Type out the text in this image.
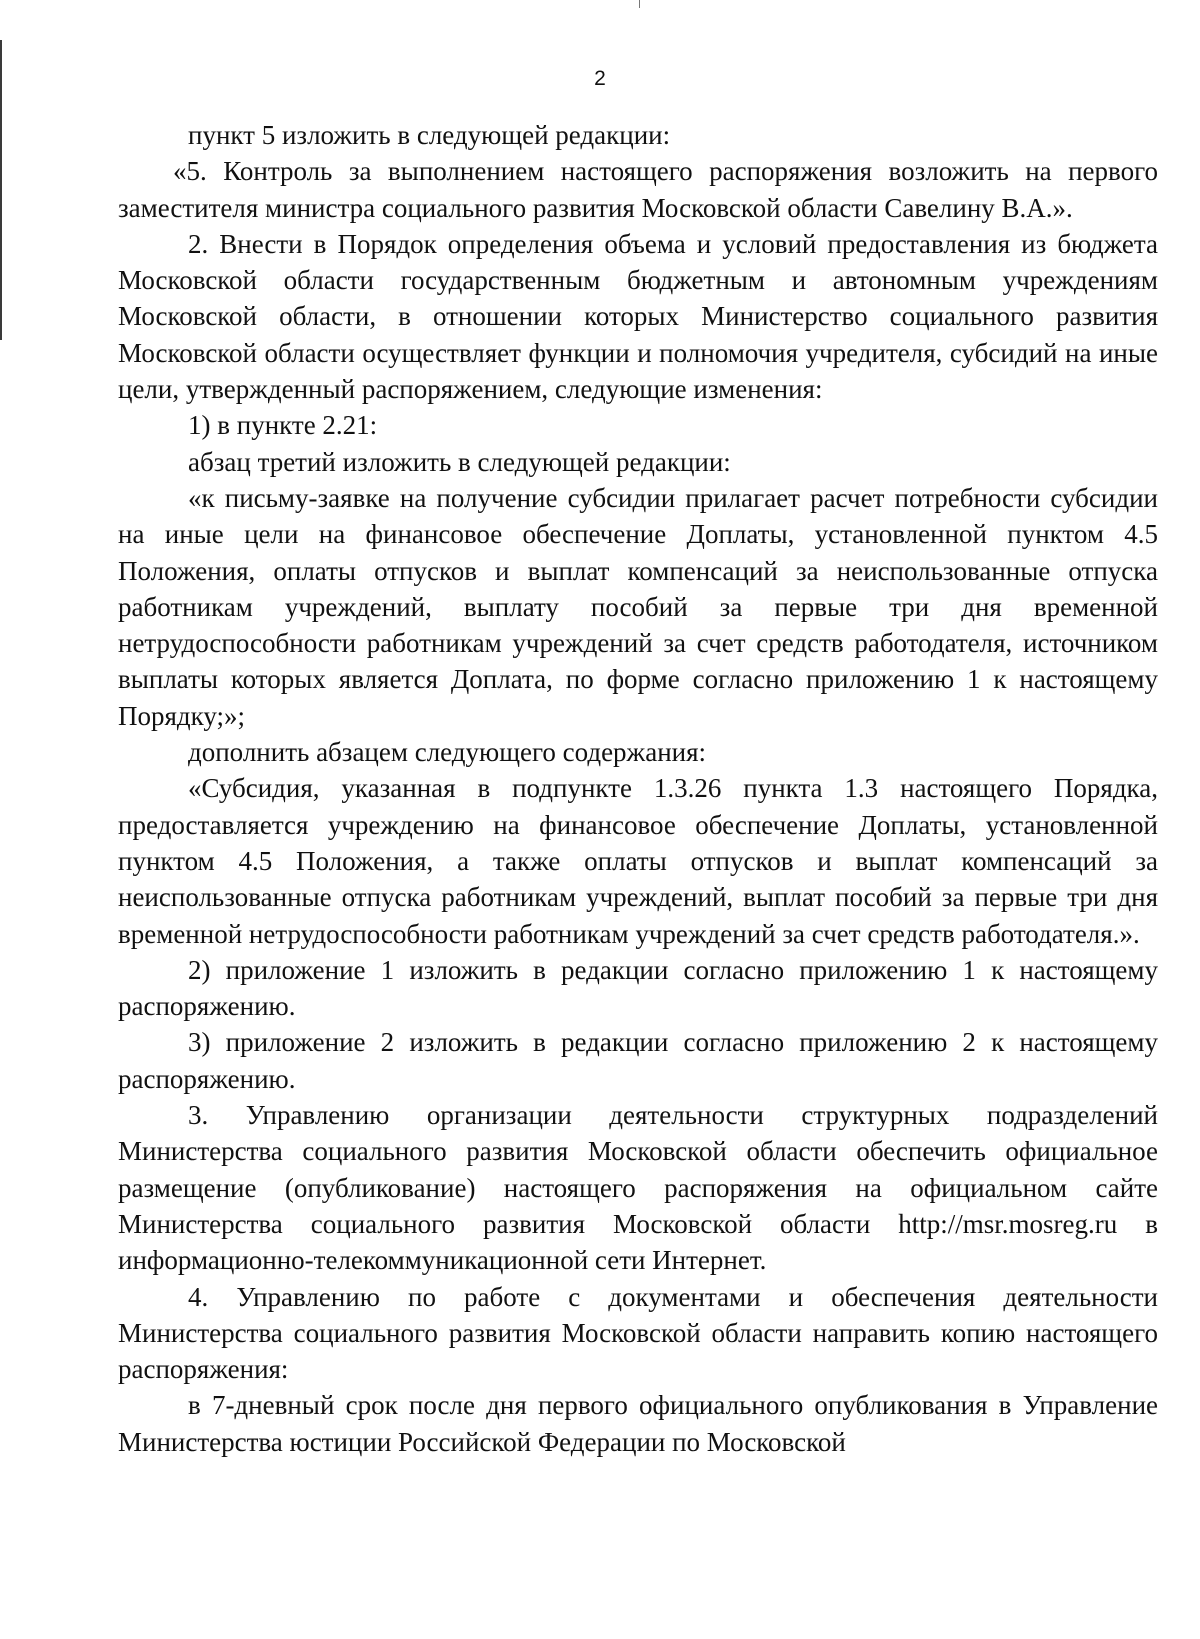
2

пункт 5 изложить в следующей редакции:

«5. Контроль за выполнением настоящего распоряжения возложить на первого заместителя министра социального развития Московской области Савелину В.А.».

2. Внести в Порядок определения объема и условий предоставления из бюджета Московской области государственным бюджетным и автономным учреждениям Московской области, в отношении которых Министерство социального развития Московской области осуществляет функции и полномочия учредителя, субсидий на иные цели, утвержденный распоряжением, следующие изменения:

1) в пункте 2.21:

абзац третий изложить в следующей редакции:

«к письму-заявке на получение субсидии прилагает расчет потребности субсидии на иные цели на финансовое обеспечение Доплаты, установленной пунктом 4.5 Положения, оплаты отпусков и выплат компенсаций за неиспользованные отпуска работникам учреждений, выплату пособий за первые три дня временной нетрудоспособности работникам учреждений за счет средств работодателя, источником выплаты которых является Доплата, по форме согласно приложению 1 к настоящему Порядку;»;

дополнить абзацем следующего содержания:

«Субсидия, указанная в подпункте 1.3.26 пункта 1.3 настоящего Порядка, предоставляется учреждению на финансовое обеспечение Доплаты, установленной пунктом 4.5 Положения, а также оплаты отпусков и выплат компенсаций за неиспользованные отпуска работникам учреждений, выплат пособий за первые три дня временной нетрудоспособности работникам учреждений за счет средств работодателя.».

2) приложение 1 изложить в редакции согласно приложению 1 к настоящему распоряжению.

3) приложение 2 изложить в редакции согласно приложению 2 к настоящему распоряжению.

3. Управлению организации деятельности структурных подразделений Министерства социального развития Московской области обеспечить официальное размещение (опубликование) настоящего распоряжения на официальном сайте Министерства социального развития Московской области http://msr.mosreg.ru в информационно-телекоммуникационной сети Интернет.

4. Управлению по работе с документами и обеспечения деятельности Министерства социального развития Московской области направить копию настоящего распоряжения:

в 7-дневный срок после дня первого официального опубликования в Управление Министерства юстиции Российской Федерации по Московской
